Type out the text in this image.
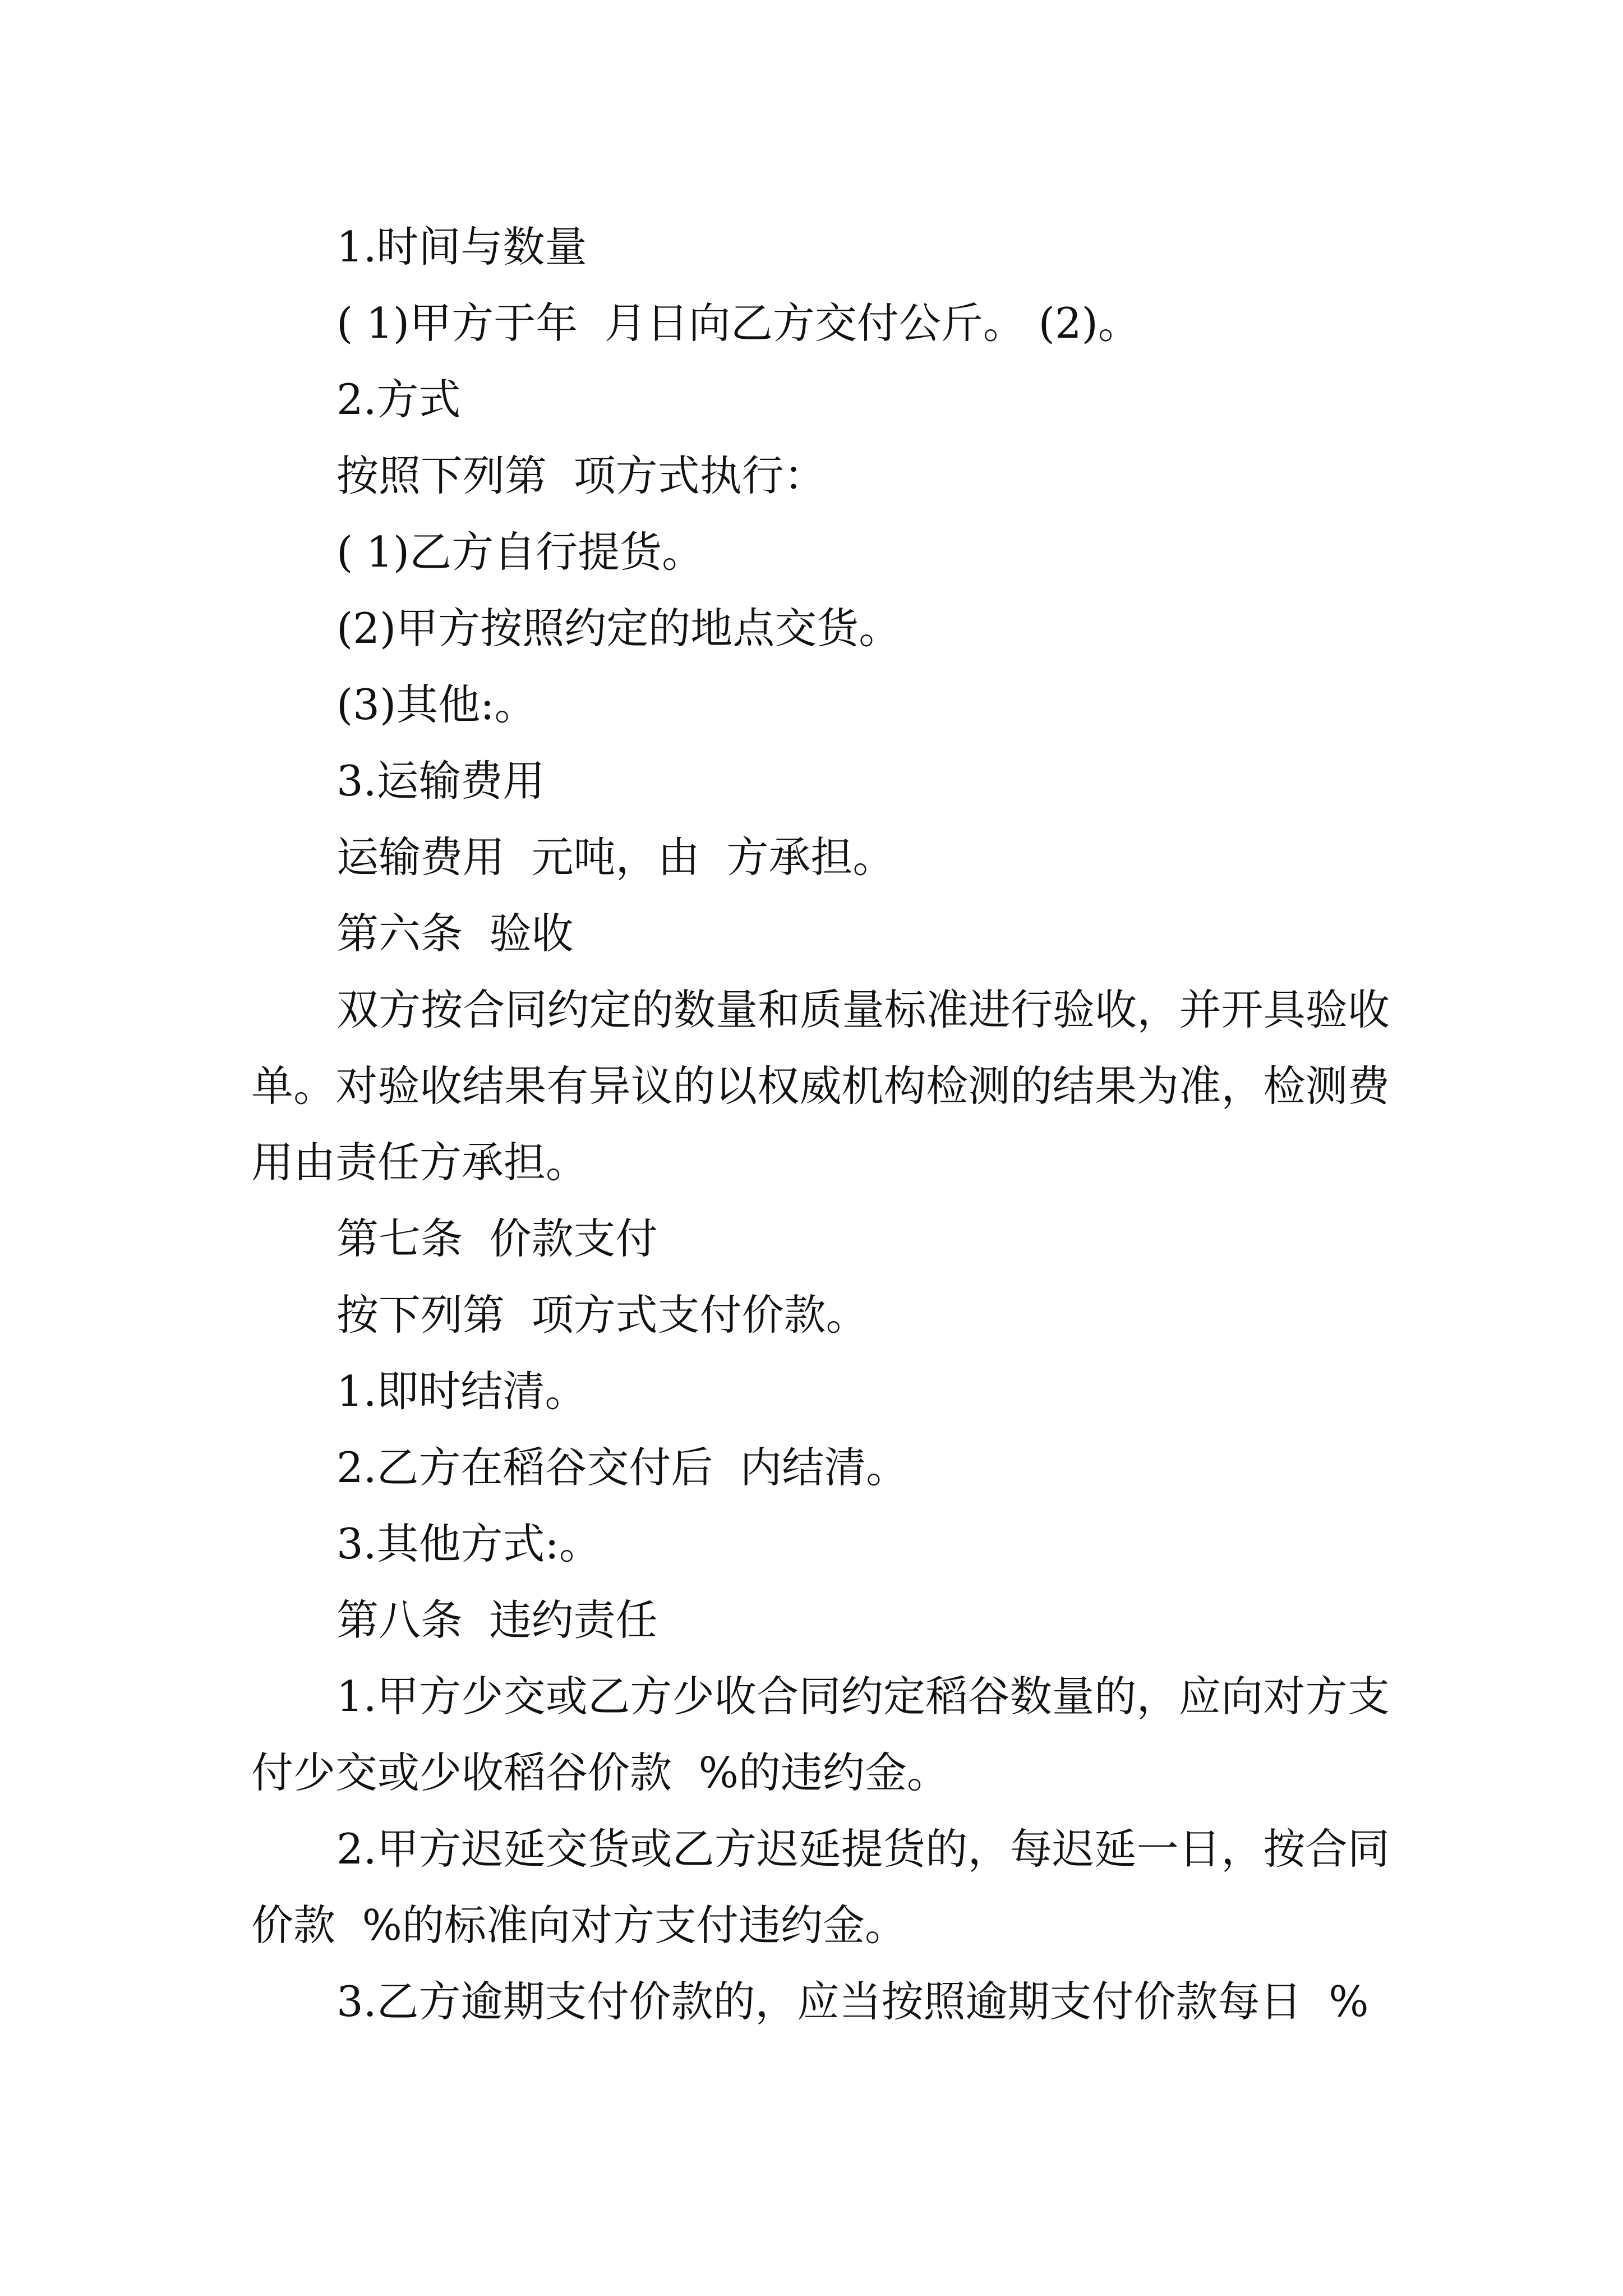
1.时间与数量

( 1)甲方于年  月日向乙方交付公斤。 (2)。

2.方式

按照下列第  项方式执行：

( 1)乙方自行提货。

(2)甲方按照约定的地点交货。

(3)其他:。

3.运输费用

运输费用  元吨，由  方承担。

第六条  验收

双方按合同约定的数量和质量标准进行验收，并开具验收单。对验收结果有异议的以权威机构检测的结果为准，检测费用由责任方承担。

第七条  价款支付

按下列第  项方式支付价款。

1.即时结清。

2.乙方在稻谷交付后  内结清。

3.其他方式:。

第八条  违约责任

1.甲方少交或乙方少收合同约定稻谷数量的，应向对方支付少交或少收稻谷价款  %的违约金。

2.甲方迟延交货或乙方迟延提货的，每迟延一日，按合同价款  %的标准向对方支付违约金。

3.乙方逾期支付价款的，应当按照逾期支付价款每日  %
